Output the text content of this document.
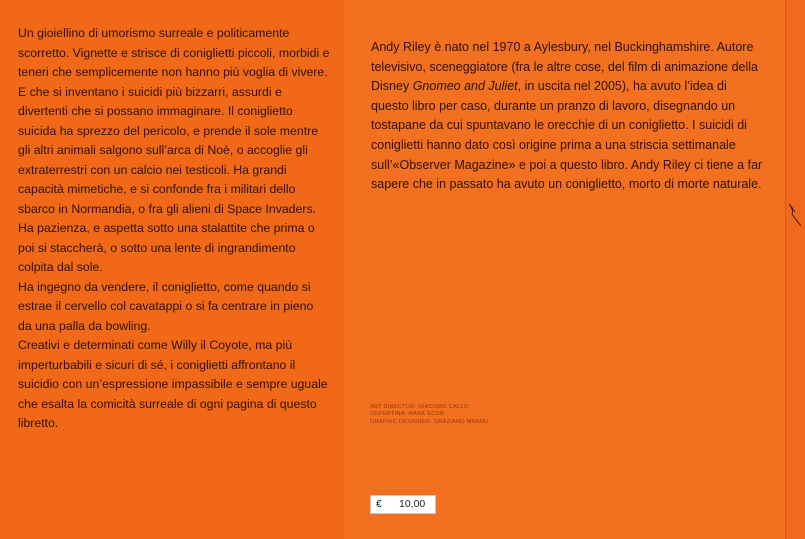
Un gioiellino di umorismo surreale e politicamente scorretto. Vignette e strisce di coniglietti piccoli, morbidi e teneri che semplicemente non hanno più voglia di vivere. E che si inventano i suicidi più bizzarri, assurdi e divertenti che si possano immaginare. Il coniglietto suicida ha sprezzo del pericolo, e prende il sole mentre gli altri animali salgono sull’arca di Noè, o accoglie gli extraterrestri con un calcio nei testicoli. Ha grandi capacità mimetiche, e si confonde fra i militari dello sbarco in Normandia, o fra gli alieni di Space Invaders.

Ha pazienza, e aspetta sotto una stalattite che prima o poi si staccherà, o sotto una lente di ingrandimento colpita dal sole.

Ha ingegno da vendere, il coniglietto, come quando si estrae il cervello col cavatappi o si fa centrare in pieno da una palla da bowling.

Creativi e determinati come Willy il Coyote, ma più imperturbabili e sicuri di sé, i coniglietti affrontano il suicidio con un’espressione impassibile e sempre uguale che esalta la comicità surreale di ogni pagina di questo libretto.

Andy Riley è nato nel 1970 a Aylesbury, nel Buckinghamshire. Autore televisivo, sceneggiatore (fra le altre cose, del film di animazione della Disney Gnomeo and Juliet, in uscita nel 2005), ha avuto l’idea di questo libro per caso, durante un pranzo di lavoro, disegnando un tostapane da cui spuntavano le orecchie di un coniglietto. I suicidi di coniglietti hanno dato così origine prima a una striscia settimanale sull’«Observer Magazine» e poi a questo libro. Andy Riley ci tiene a far sapere che in passato ha avuto un coniglietto, morto di morte naturale.

ART DIRECTOR: GIACOMO CALLO
COPERTINA: MARK ECOB
GRAPHIC DESIGNER: GRAZIANO MANNU
€ 10,00
